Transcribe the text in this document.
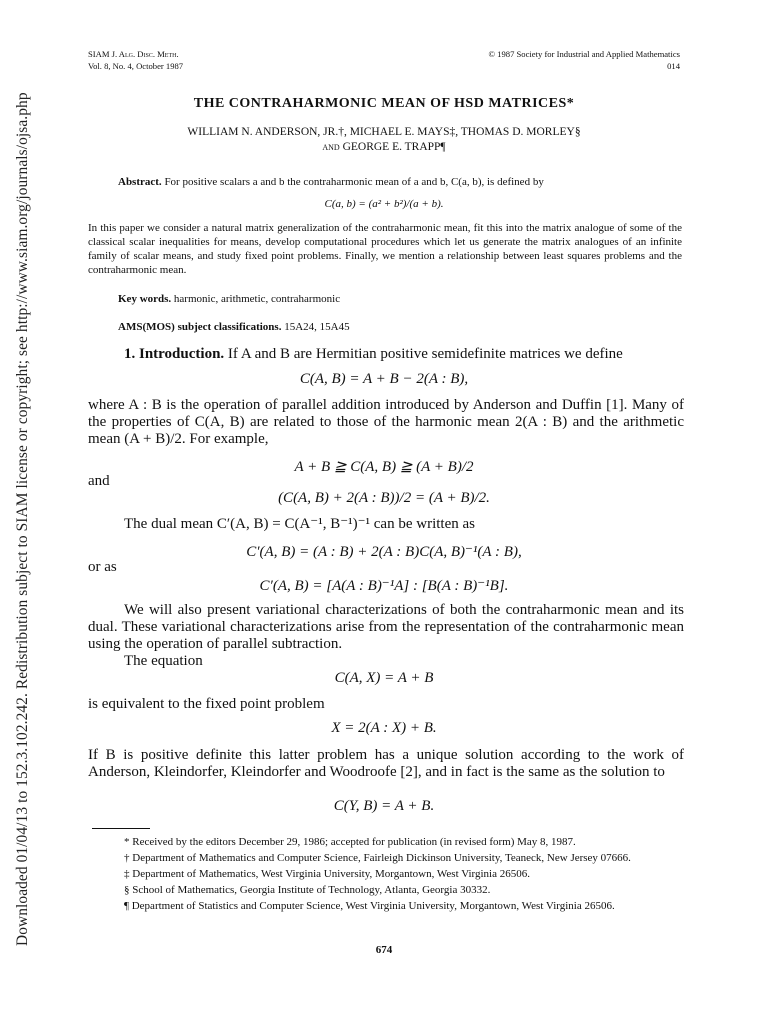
Downloaded 01/04/13 to 152.3.102.242. Redistribution subject to SIAM license or copyright; see http://www.siam.org/journals/ojsa.php
SIAM J. Alg. Disc. Meth.
Vol. 8, No. 4, October 1987
© 1987 Society for Industrial and Applied Mathematics
014
THE CONTRAHARMONIC MEAN OF HSD MATRICES*
WILLIAM N. ANDERSON, JR.†, MICHAEL E. MAYS‡, THOMAS D. MORLEY§
and GEORGE E. TRAPP¶
Abstract. For positive scalars a and b the contraharmonic mean of a and b, C(a, b), is defined by
C(a, b) = (a² + b²)/(a + b).
In this paper we consider a natural matrix generalization of the contraharmonic mean, fit this into the matrix analogue of some of the classical scalar inequalities for means, develop computational procedures which let us generate the matrix analogues of an infinite family of scalar means, and study fixed point problems. Finally, we mention a relationship between least squares problems and the contraharmonic mean.
Key words. harmonic, arithmetic, contraharmonic
AMS(MOS) subject classifications. 15A24, 15A45
1. Introduction. If A and B are Hermitian positive semidefinite matrices we define
C(A, B) = A + B − 2(A : B),
where A : B is the operation of parallel addition introduced by Anderson and Duffin [1]. Many of the properties of C(A, B) are related to those of the harmonic mean 2(A : B) and the arithmetic mean (A + B)/2. For example,
A + B ≧ C(A, B) ≧ (A + B)/2
and
(C(A, B) + 2(A : B))/2 = (A + B)/2.
The dual mean C′(A, B) = C(A⁻¹, B⁻¹)⁻¹ can be written as
C′(A, B) = (A : B) + 2(A : B)C(A, B)⁻¹(A : B),
or as
C′(A, B) = [A(A : B)⁻¹A] : [B(A : B)⁻¹B].
We will also present variational characterizations of both the contraharmonic mean and its dual. These variational characterizations arise from the representation of the contraharmonic mean using the operation of parallel subtraction.
The equation
C(A, X) = A + B
is equivalent to the fixed point problem
X = 2(A : X) + B.
If B is positive definite this latter problem has a unique solution according to the work of Anderson, Kleindorfer, Kleindorfer and Woodroofe [2], and in fact is the same as the solution to
C(Y, B) = A + B.

* Received by the editors December 29, 1986; accepted for publication (in revised form) May 8, 1987.

† Department of Mathematics and Computer Science, Fairleigh Dickinson University, Teaneck, New Jersey 07666.

‡ Department of Mathematics, West Virginia University, Morgantown, West Virginia 26506.

§ School of Mathematics, Georgia Institute of Technology, Atlanta, Georgia 30332.

¶ Department of Statistics and Computer Science, West Virginia University, Morgantown, West Virginia 26506.

674
